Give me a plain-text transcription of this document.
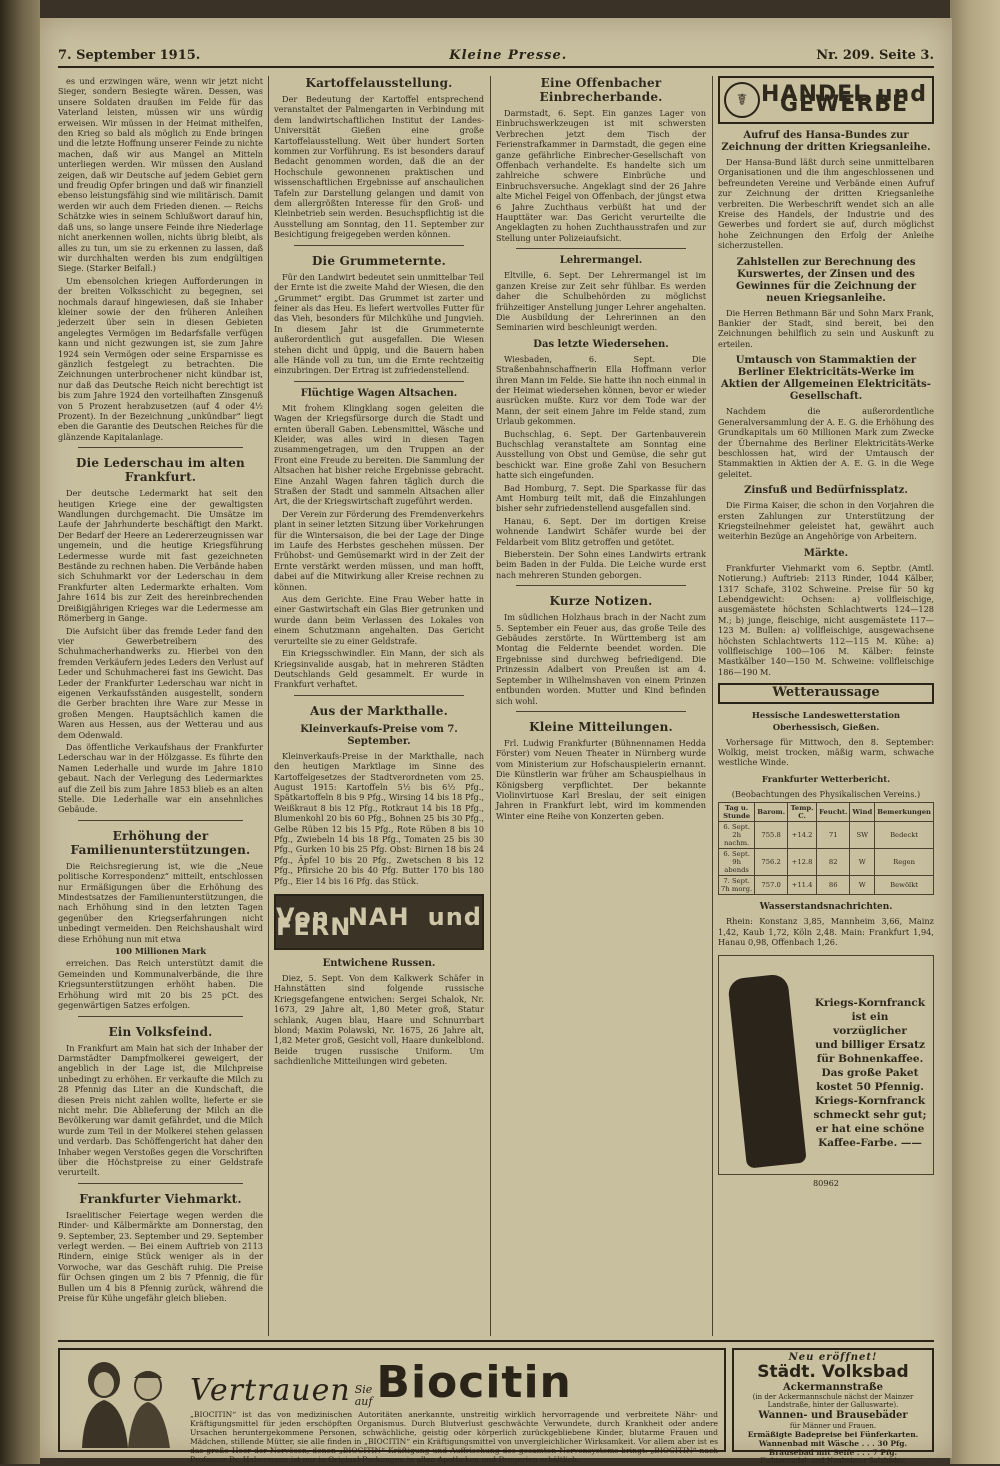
7. September 1915.	Kleine Presse.	Nr. 209. Seite 3.

es und erzwingen wäre, wenn wir jetzt nicht Sieger, sondern Besiegte wären. Dessen, was unsere Soldaten draußen im Felde für das Vaterland leisten, müssen wir uns würdig erweisen. Wir müssen in der Heimat mithelfen, den Krieg so bald als möglich zu Ende bringen und die letzte Hoffnung unserer Feinde zu nichte machen, daß wir aus Mangel an Mitteln unterliegen werden. Wir müssen den Ausland zeigen, daß wir Deutsche auf jedem Gebiet gern und freudig Opfer bringen und daß wir finanziell ebenso leistungsfähig sind wie militärisch. Damit werden wir auch dem Frieden dienen. — Reichs Schätzke wies in seinem Schlußwort darauf hin, daß uns, so lange unsere Feinde ihre Niederlage nicht anerkennen wollen, nichts übrig bleibt, als alles zu tun, um sie zu erkennen zu lassen, daß wir durchhalten werden bis zum endgültigen Siege. (Starker Beifall.)

Um ebensolchen kriegen Aufforderungen in der breiten Volksschicht zu begegnen, sei nochmals darauf hingewiesen, daß sie Inhaber kleiner sowie der den früheren Anleihen jederzeit über sein in diesen Gebieten angelegtes Vermögen im Bedarfsfalle verfügen kann und nicht gezwungen ist, sie zum Jahre 1924 sein Vermögen oder seine Ersparnisse es gänzlich festgelegt zu betrachten. Die Zeichnungen unterbrochener nicht kündbar ist, nur daß das Deutsche Reich nicht berechtigt ist bis zum Jahre 1924 den vorteilhaften Zinsgenuß von 5 Prozent herabzusetzen (auf 4 oder 4½ Prozent). In der Bezeichnung „unkündbar“ liegt eben die Garantie des Deutschen Reiches für die glänzende Kapitalanlage.

Die Lederschau im alten Frankfurt.

Der deutsche Ledermarkt hat seit den heutigen Kriege eine der gewaltigsten Wandlungen durchgemacht. Die Umsätze im Laufe der Jahrhunderte beschäftigt den Markt. Der Bedarf der Heere an Ledererzeugnissen war ungemein, und die heutige Kriegsführung Ledermesse wurde mit fast gezeichneten Bestände zu rechnen haben. Die Verbände haben sich Schuhmarkt vor der Lederschau in dem Frankfurter alten Ledermarkte erhalten. Vom Jahre 1614 bis zur Zeit des hereinbrechenden Dreißigjährigen Krieges war die Ledermesse am Römerberg in Gange.

Die Aufsicht über das fremde Leder fand den vier Gewerbetreibern des Schuhmacherhandwerks zu. Hierbei von den fremden Verkäufern jedes Leders den Verlust auf Leder und Schuhmacherei fast ins Gewicht. Das Leder der Frankfurter Lederschau war nicht in eigenen Verkaufsständen ausgestellt, sondern die Gerber brachten ihre Ware zur Messe in großen Mengen. Hauptsächlich kamen die Waren aus Hessen, aus der Wetterau und aus dem Odenwald.

Das öffentliche Verkaufshaus der Frankfurter Lederschau war in der Hölzgasse. Es führte den Namen Lederhalle und wurde im Jahre 1810 gebaut. Nach der Verlegung des Ledermarktes auf die Zeil bis zum Jahre 1853 blieb es an alten Stelle. Die Lederhalle war ein ansehnliches Gebäude.

Erhöhung der Familienunterstützungen.

Die Reichsregierung ist, wie die „Neue politische Korrespondenz“ mitteilt, entschlossen nur Ermäßigungen über die Erhöhung des Mindestsatzes der Familienunterstützungen, die nach Erhöhung sind in den letzten Tagen gegenüber den Kriegserfahrungen nicht unbedingt vermeiden. Den Reichshaushalt wird diese Erhöhung nun mit etwa

100 Millionen Mark

erreichen. Das Reich unterstützt damit die Gemeinden und Kommunalverbände, die ihre Kriegsunterstützungen erhöht haben. Die Erhöhung wird mit 20 bis 25 pCt. des gegenwärtigen Satzes erfolgen.

Ein Volksfeind.

In Frankfurt am Main hat sich der Inhaber der Darmstädter Dampfmolkerei geweigert, der angeblich in der Lage ist, die Milchpreise unbedingt zu erhöhen. Er verkaufte die Milch zu 28 Pfennig das Liter an die Kundschaft, die diesen Preis nicht zahlen wollte, lieferte er sie nicht mehr. Die Ablieferung der Milch an die Bevölkerung war damit gefährdet, und die Milch wurde zum Teil in der Molkerei stehen gelassen und verdarb. Das Schöffengericht hat daher den Inhaber wegen Verstoßes gegen die Vorschriften über die Höchstpreise zu einer Geldstrafe verurteilt.

Frankfurter Viehmarkt.

Israelitischer Feiertage wegen werden die Rinder- und Kälbermärkte am Donnerstag, den 9. September, 23. September und 29. September verlegt werden. — Bei einem Auftrieb von 2113 Rindern, einige Stück weniger als in der Vorwoche, war das Geschäft ruhig. Die Preise für Ochsen gingen um 2 bis 7 Pfennig, die für Bullen um 4 bis 8 Pfennig zurück, während die Preise für Kühe ungefähr gleich blieben.

Kartoffelausstellung.

Der Bedeutung der Kartoffel entsprechend veranstaltet der Palmengarten in Verbindung mit dem landwirtschaftlichen Institut der Landes-Universität Gießen eine große Kartoffelausstellung. Weit über hundert Sorten kommen zur Vorführung. Es ist besonders darauf Bedacht genommen worden, daß die an der Hochschule gewonnenen praktischen und wissenschaftlichen Ergebnisse auf anschaulichen Tafeln zur Darstellung gelangen und damit von dem allergrößten Interesse für den Groß- und Kleinbetrieb sein werden. Besuchspflichtig ist die Ausstellung am Sonntag, den 11. September zur Besichtigung freigegeben werden können.

Die Grummeternte.

Für den Landwirt bedeutet sein unmittelbar Teil der Ernte ist die zweite Mahd der Wiesen, die den „Grummet“ ergibt. Das Grummet ist zarter und feiner als das Heu. Es liefert wertvolles Futter für das Vieh, besonders für Milchkühe und Jungvieh. In diesem Jahr ist die Grummeternte außerordentlich gut ausgefallen. Die Wiesen stehen dicht und üppig, und die Bauern haben alle Hände voll zu tun, um die Ernte rechtzeitig einzubringen. Der Ertrag ist zufriedenstellend.

Flüchtige Wagen Altsachen.

Mit frohem Klingklang sogen geleiten die Wagen der Kriegsfürsorge durch die Stadt und ernten überall Gaben. Lebensmittel, Wäsche und Kleider, was alles wird in diesen Tagen zusammengetragen, um den Truppen an der Front eine Freude zu bereiten. Die Sammlung der Altsachen hat bisher reiche Ergebnisse gebracht. Eine Anzahl Wagen fahren täglich durch die Straßen der Stadt und sammeln Altsachen aller Art, die der Kriegswirtschaft zugeführt werden.

Der Verein zur Förderung des Fremdenverkehrs plant in seiner letzten Sitzung über Vorkehrungen für die Wintersaison, die bei der Lage der Dinge im Laufe des Herbstes geschehen müssen. Der Frühobst- und Gemüsemarkt wird in der Zeit der Ernte verstärkt werden müssen, und man hofft, dabei auf die Mitwirkung aller Kreise rechnen zu können.

Aus dem Gerichte. Eine Frau Weber hatte in einer Gastwirtschaft ein Glas Bier getrunken und wurde dann beim Verlassen des Lokales von einem Schutzmann angehalten. Das Gericht verurteilte sie zu einer Geldstrafe.

Ein Kriegsschwindler. Ein Mann, der sich als Kriegsinvalide ausgab, hat in mehreren Städten Deutschlands Geld gesammelt. Er wurde in Frankfurt verhaftet.

Aus der Markthalle.
Kleinverkaufs-Preise vom 7. September.

Kleinverkaufs-Preise in der Markthalle, nach den heutigen Marktlage im Sinne des Kartoffelgesetzes der Stadtverordneten vom 25. August 1915: Kartoffeln 5½ bis 6½ Pfg., Spätkartoffeln 8 bis 9 Pfg., Wirsing 14 bis 18 Pfg., Weißkraut 8 bis 12 Pfg., Rotkraut 14 bis 18 Pfg., Blumenkohl 20 bis 60 Pfg., Bohnen 25 bis 30 Pfg., Gelbe Rüben 12 bis 15 Pfg., Rote Rüben 8 bis 10 Pfg., Zwiebeln 14 bis 18 Pfg., Tomaten 25 bis 30 Pfg., Gurken 10 bis 25 Pfg. Obst: Birnen 18 bis 24 Pfg., Äpfel 10 bis 20 Pfg., Zwetschen 8 bis 12 Pfg., Pfirsiche 20 bis 40 Pfg. Butter 170 bis 180 Pfg., Eier 14 bis 16 Pfg. das Stück.

Von NAH und FERN
Entwichene Russen.

Diez, 5. Sept. Von dem Kalkwerk Schäfer in Hahnstätten sind folgende russische Kriegsgefangene entwichen: Sergei Schalok, Nr. 1673, 29 Jahre alt, 1,80 Meter groß, Statur schlank, Augen blau, Haare und Schnurrbart blond; Maxim Polawski, Nr. 1675, 26 Jahre alt, 1,82 Meter groß, Gesicht voll, Haare dunkelblond. Beide trugen russische Uniform. Um sachdienliche Mitteilungen wird gebeten.

Eine Offenbacher Einbrecherbande.

Darmstadt, 6. Sept. Ein ganzes Lager von Einbruchswerkzeugen ist mit schwersten Verbrechen jetzt dem Tisch der Ferienstrafkammer in Darmstadt, die gegen eine ganze gefährliche Einbrecher-Gesellschaft von Offenbach verhandelte. Es handelte sich um zahlreiche schwere Einbrüche und Einbruchsversuche. Angeklagt sind der 26 Jahre alte Michel Feigel von Offenbach, der jüngst etwa 6 Jahre Zuchthaus verbüßt hat und der Haupttäter war. Das Gericht verurteilte die Angeklagten zu hohen Zuchthausstrafen und zur Stellung unter Polizeiaufsicht.

Lehrermangel.

Eltville, 6. Sept. Der Lehrermangel ist im ganzen Kreise zur Zeit sehr fühlbar. Es werden daher die Schulbehörden zu möglichst frühzeitiger Anstellung junger Lehrer angehalten. Die Ausbildung der Lehrerinnen an den Seminarien wird beschleunigt werden.

Das letzte Wiedersehen.

Wiesbaden, 6. Sept. Die Straßenbahnschaffnerin Ella Hoffmann verlor ihren Mann im Felde. Sie hatte ihn noch einmal in der Heimat wiedersehen können, bevor er wieder ausrücken mußte. Kurz vor dem Tode war der Mann, der seit einem Jahre im Felde stand, zum Urlaub gekommen.

Buchschlag, 6. Sept. Der Gartenbauverein Buchschlag veranstaltete am Sonntag eine Ausstellung von Obst und Gemüse, die sehr gut beschickt war. Eine große Zahl von Besuchern hatte sich eingefunden.

Bad Homburg, 7. Sept. Die Sparkasse für das Amt Homburg teilt mit, daß die Einzahlungen bisher sehr zufriedenstellend ausgefallen sind.

Hanau, 6. Sept. Der im dortigen Kreise wohnende Landwirt Schäfer wurde bei der Feldarbeit vom Blitz getroffen und getötet.

Bieberstein. Der Sohn eines Landwirts ertrank beim Baden in der Fulda. Die Leiche wurde erst nach mehreren Stunden geborgen.

Kurze Notizen.

Im südlichen Holzhaus brach in der Nacht zum 5. September ein Feuer aus, das große Teile des Gebäudes zerstörte. In Württemberg ist am Montag die Feldernte beendet worden. Die Ergebnisse sind durchweg befriedigend. Die Prinzessin Adalbert von Preußen ist am 4. September in Wilhelmshaven von einem Prinzen entbunden worden. Mutter und Kind befinden sich wohl.

Kleine Mitteilungen.

Frl. Ludwig Frankfurter (Bühnennamen Hedda Förster) vom Neuen Theater in Nürnberg wurde vom Ministerium zur Hofschauspielerin ernannt. Die Künstlerin war früher am Schauspielhaus in Königsberg verpflichtet. Der bekannte Violinvirtuose Karl Breslau, der seit einigen Jahren in Frankfurt lebt, wird im kommenden Winter eine Reihe von Konzerten geben.

☤ HANDEL und GEWERBE
Aufruf des Hansa-Bundes zur Zeichnung der dritten Kriegsanleihe.

Der Hansa-Bund läßt durch seine unmittelbaren Organisationen und die ihm angeschlossenen und befreundeten Vereine und Verbände einen Aufruf zur Zeichnung der dritten Kriegsanleihe verbreiten. Die Werbeschrift wendet sich an alle Kreise des Handels, der Industrie und des Gewerbes und fordert sie auf, durch möglichst hohe Zeichnungen den Erfolg der Anleihe sicherzustellen.

Zahlstellen zur Berechnung des Kurswertes, der Zinsen und des Gewinnes für die Zeichnung der neuen Kriegsanleihe.

Die Herren Bethmann Bär und Sohn Marx Frank, Bankier der Stadt, sind bereit, bei den Zeichnungen behilflich zu sein und Auskunft zu erteilen.

Umtausch von Stammaktien der Berliner Elektricitäts-Werke im Aktien der Allgemeinen Elektricitäts-Gesellschaft.

Nachdem die außerordentliche Generalversammlung der A. E. G. die Erhöhung des Grundkapitals um 60 Millionen Mark zum Zwecke der Übernahme des Berliner Elektricitäts-Werke beschlossen hat, wird der Umtausch der Stammaktien in Aktien der A. E. G. in die Wege geleitet.

Zinsfuß und Bedürfnissplatz.

Die Firma Kaiser, die schon in den Vorjahren die ersten Zahlungen zur Unterstützung der Kriegsteilnehmer geleistet hat, gewährt auch weiterhin Bezüge an Angehörige von Arbeitern.

Märkte.

Frankfurter Viehmarkt vom 6. Septbr. (Amtl. Notierung.) Auftrieb: 2113 Rinder, 1044 Kälber, 1317 Schafe, 3102 Schweine. Preise für 50 kg Lebendgewicht: Ochsen: a) vollfleischige, ausgemästete höchsten Schlachtwerts 124—128 M.; b) junge, fleischige, nicht ausgemästete 117—123 M. Bullen: a) vollfleischige, ausgewachsene höchsten Schlachtwerts 112—115 M. Kühe: a) vollfleischige 100—106 M. Kälber: feinste Mastkälber 140—150 M. Schweine: vollfleischige 186—190 M.

Wetteraussage
Hessische Landeswetterstation Oberhessisch, Gießen.

Vorhersage für Mittwoch, den 8. September: Wolkig, meist trocken, mäßig warm, schwache westliche Winde.

Frankfurter Wetterbericht.

(Beobachtungen des Physikalischen Vereins.)

Tag u. Stunde	Barom.	Temp. C.	Feucht.	Wind	Bemerkungen
6. Sept. 2h nachm.	755.8	+14.2	71	SW	Bedeckt
6. Sept. 9h abends	756.2	+12.8	82	W	Regen
7. Sept. 7h morg.	757.0	+11.4	86	W	Bewölkt
Wasserstandsnachrichten.

Rhein: Konstanz 3,85, Mannheim 3,66, Mainz 1,42, Kaub 1,72, Köln 2,48. Main: Frankfurt 1,94, Hanau 0,98, Offenbach 1,26.

Kriegs-Kornfranck
ist ein vorzüglicher
und billiger Ersatz
für Bohnenkaffee.
Das große Paket
kostet 50 Pfennig.
Kriegs-Kornfranck
schmeckt sehr gut;
er hat eine schöne
Kaffee-Farbe. ——

80962

Vertrauen Sie
auf Biocitin
„BIOCITIN“ ist das von medizinischen Autoritäten anerkannte, unstreitig wirklich hervorragende und verbreitete Nähr- und Kräftigungsmittel für jeden erschöpften Organismus. Durch Blutverlust geschwächte Verwundete, durch Krankheit oder andere Ursachen heruntergekommene Personen, schwächliche, geistig oder körperlich zurückgebliebene Kinder, blutarme Frauen und Mädchen, stillende Mütter, sie alle finden in „BIOCITIN“ ein Kräftigungsmittel von unvergleichlicher Wirksamkeit. Vor allem aber ist es das große Heer der Nervösen, denen „BIOCITIN“ Kräftigung und Auffrischung des gesamten Nervensystems bringt. „BIOCITIN“ nach Professor Dr. Habermann ist nur in Original-Packungen in allen Apotheken und Drogerien erhältlich.
Neu eröffnet!
Städt. Volksbad
Ackermannstraße
(in der Ackermannschule nächst der Mainzer Landstraße, hinter der Galluswarte).
Wannen- und Brausebäder
für Männer und Frauen.
Ermäßigte Badepreise bei Fünferkarten.
Wannenbad mit Wäsche . . . 30 Pfg.
Brausebad mit Seife . . . 7 Pfg.
Fichtennadel- und Nauheimer Salzbäder.
